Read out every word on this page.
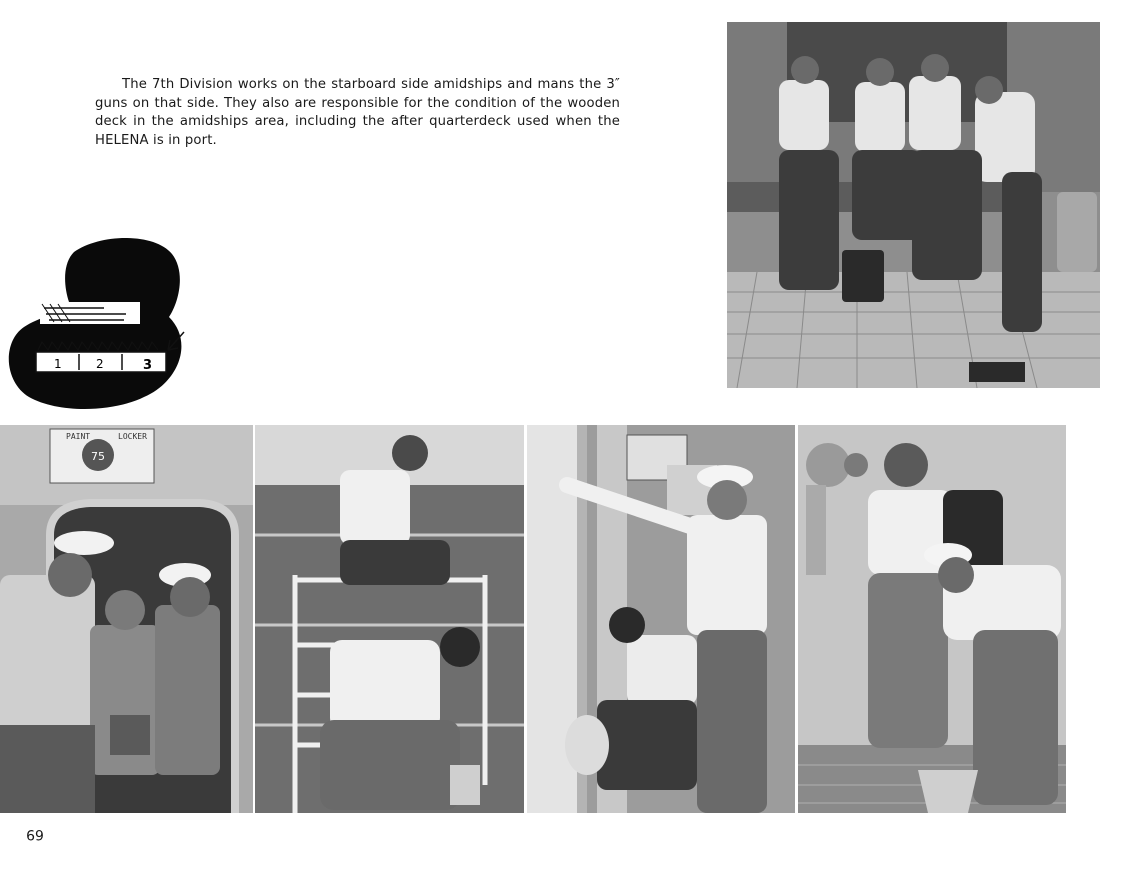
The 7th Division works on the starboard side amidships and mans the 3″ guns on that side. They also are responsible for the condition of the wooden deck in the amidships area, including the after quarterdeck used when the HELENA is in port.

1	2	3
75
PAINT	LOCKER
69
